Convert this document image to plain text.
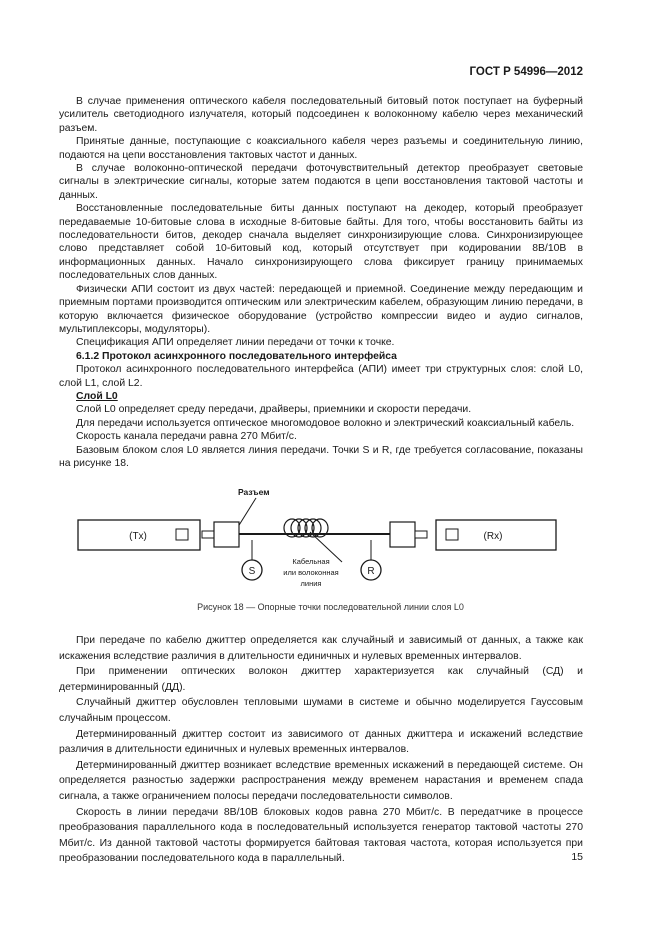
ГОСТ Р 54996—2012

В случае применения оптического кабеля последовательный битовый поток поступает на буферный усилитель светодиодного излучателя, который подсоединен к волоконному кабелю через механический разъем.

Принятые данные, поступающие с коаксиального кабеля через разъемы и соединительную линию, подаются на цепи восстановления тактовых частот и данных.

В случае волоконно-оптической передачи фоточувствительный детектор преобразует световые сигналы в электрические сигналы, которые затем подаются в цепи восстановления тактовой частоты и данных.

Восстановленные последовательные биты данных поступают на декодер, который преобразует передаваемые 10-битовые слова в исходные 8-битовые байты. Для того, чтобы восстановить байты из последовательности битов, декодер сначала выделяет синхронизирующие слова. Синхронизирующее слово представляет собой 10-битовый код, который отсутствует при кодировании 8B/10B в информационных данных. Начало синхронизирующего слова фиксирует границу принимаемых последовательных слов данных.

Физически АПИ состоит из двух частей: передающей и приемной. Соединение между передающим и приемным портами производится оптическим или электрическим кабелем, образующим линию передачи, в которую включается физическое оборудование (устройство компрессии видео и аудио сигналов, мультиплексоры, модуляторы).

Спецификация АПИ определяет линии передачи от точки к точке.

6.1.2 Протокол асинхронного последовательного интерфейса

Протокол асинхронного последовательного интерфейса (АПИ) имеет три структурных слоя: слой L0, слой L1, слой L2.

Слой L0

Слой L0 определяет среду передачи, драйверы, приемники и скорости передачи.

Для передачи используется оптическое многомодовое волокно и электрический коаксиальный кабель.

Скорость канала передачи равна 270 Мбит/с.

Базовым блоком слоя L0 является линия передачи. Точки S и R, где требуется согласование, показаны на рисунке 18.

Разъем
(Tx)	(Rx)
S	R
Кабельная
или волоконная
линия
Рисунок 18 — Опорные точки последовательной линии слоя L0

При передаче по кабелю джиттер определяется как случайный и зависимый от данных, а также как искажения вследствие различия в длительности единичных и нулевых временных интервалов.

При применении оптических волокон джиттер характеризуется как случайный (СД) и детерминированный (ДД).

Случайный джиттер обусловлен тепловыми шумами в системе и обычно моделируется Гауссовым случайным процессом.

Детерминированный джиттер состоит из зависимого от данных джиттера и искажений вследствие различия в длительности единичных и нулевых временных интервалов.

Детерминированный джиттер возникает вследствие временных искажений в передающей системе. Он определяется разностью задержки распространения между временем нарастания и временем спада сигнала, а также ограничением полосы передачи последовательности символов.

Скорость в линии передачи 8B/10B блоковых кодов равна 270 Мбит/с. В передатчике в процессе преобразования параллельного кода в последовательный используется генератор тактовой частоты 270 Мбит/с. Из данной тактовой частоты формируется байтовая тактовая частота, которая используется при преобразовании последовательного кода в параллельный.	15
